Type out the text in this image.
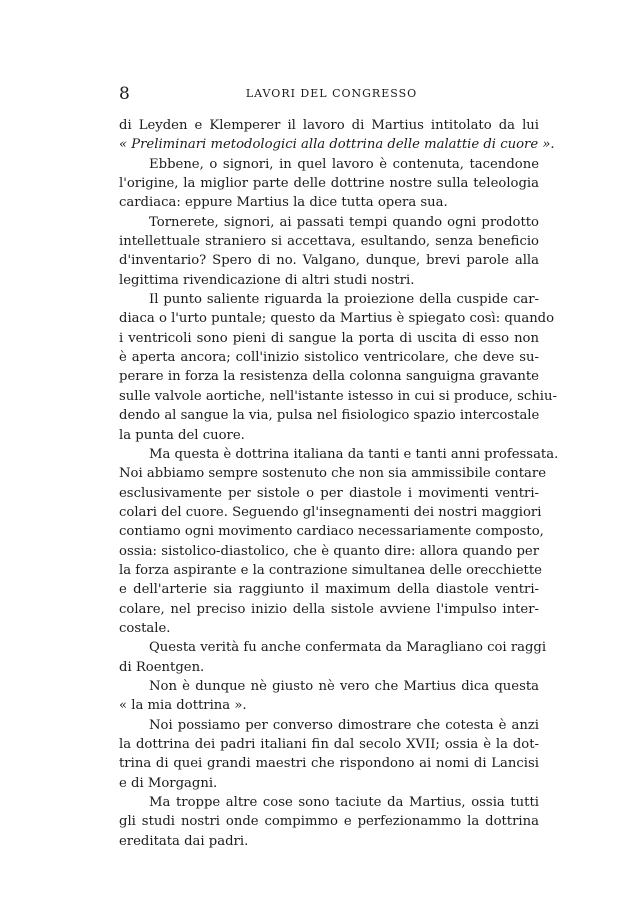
8	LAVORI DEL CONGRESSO
di Leyden e Klemperer il lavoro di Martius intitolato da lui
« Preliminari metodologici alla dottrina delle malattie di cuore ».
Ebbene, o signori, in quel lavoro è contenuta, tacendone
l'origine, la miglior parte delle dottrine nostre sulla teleologia
cardiaca: eppure Martius la dice tutta opera sua.
Tornerete, signori, ai passati tempi quando ogni prodotto
intellettuale straniero si accettava, esultando, senza beneficio
d'inventario? Spero di no. Valgano, dunque, brevi parole alla
legittima rivendicazione di altri studi nostri.
Il punto saliente riguarda la proiezione della cuspide car-
diaca o l'urto puntale; questo da Martius è spiegato così: quando
i ventricoli sono pieni di sangue la porta di uscita di esso non
è aperta ancora; coll'inizio sistolico ventricolare, che deve su-
perare in forza la resistenza della colonna sanguigna gravante
sulle valvole aortiche, nell'istante istesso in cui si produce, schiu-
dendo al sangue la via, pulsa nel fisiologico spazio intercostale
la punta del cuore.
Ma questa è dottrina italiana da tanti e tanti anni professata.
Noi abbiamo sempre sostenuto che non sia ammissibile contare
esclusivamente per sistole o per diastole i movimenti ventri-
colari del cuore. Seguendo gl'insegnamenti dei nostri maggiori
contiamo ogni movimento cardiaco necessariamente composto,
ossia: sistolico-diastolico, che è quanto dire: allora quando per
la forza aspirante e la contrazione simultanea delle orecchiette
e dell'arterie sia raggiunto il maximum della diastole ventri-
colare, nel preciso inizio della sistole avviene l'impulso inter-
costale.
Questa verità fu anche confermata da Maragliano coi raggi
di Roentgen.
Non è dunque nè giusto nè vero che Martius dica questa
« la mia dottrina ».
Noi possiamo per converso dimostrare che cotesta è anzi
la dottrina dei padri italiani fin dal secolo XVII; ossia è la dot-
trina di quei grandi maestri che rispondono ai nomi di Lancisi
e di Morgagni.
Ma troppe altre cose sono taciute da Martius, ossia tutti
gli studi nostri onde compimmo e perfezionammo la dottrina
ereditata dai padri.
